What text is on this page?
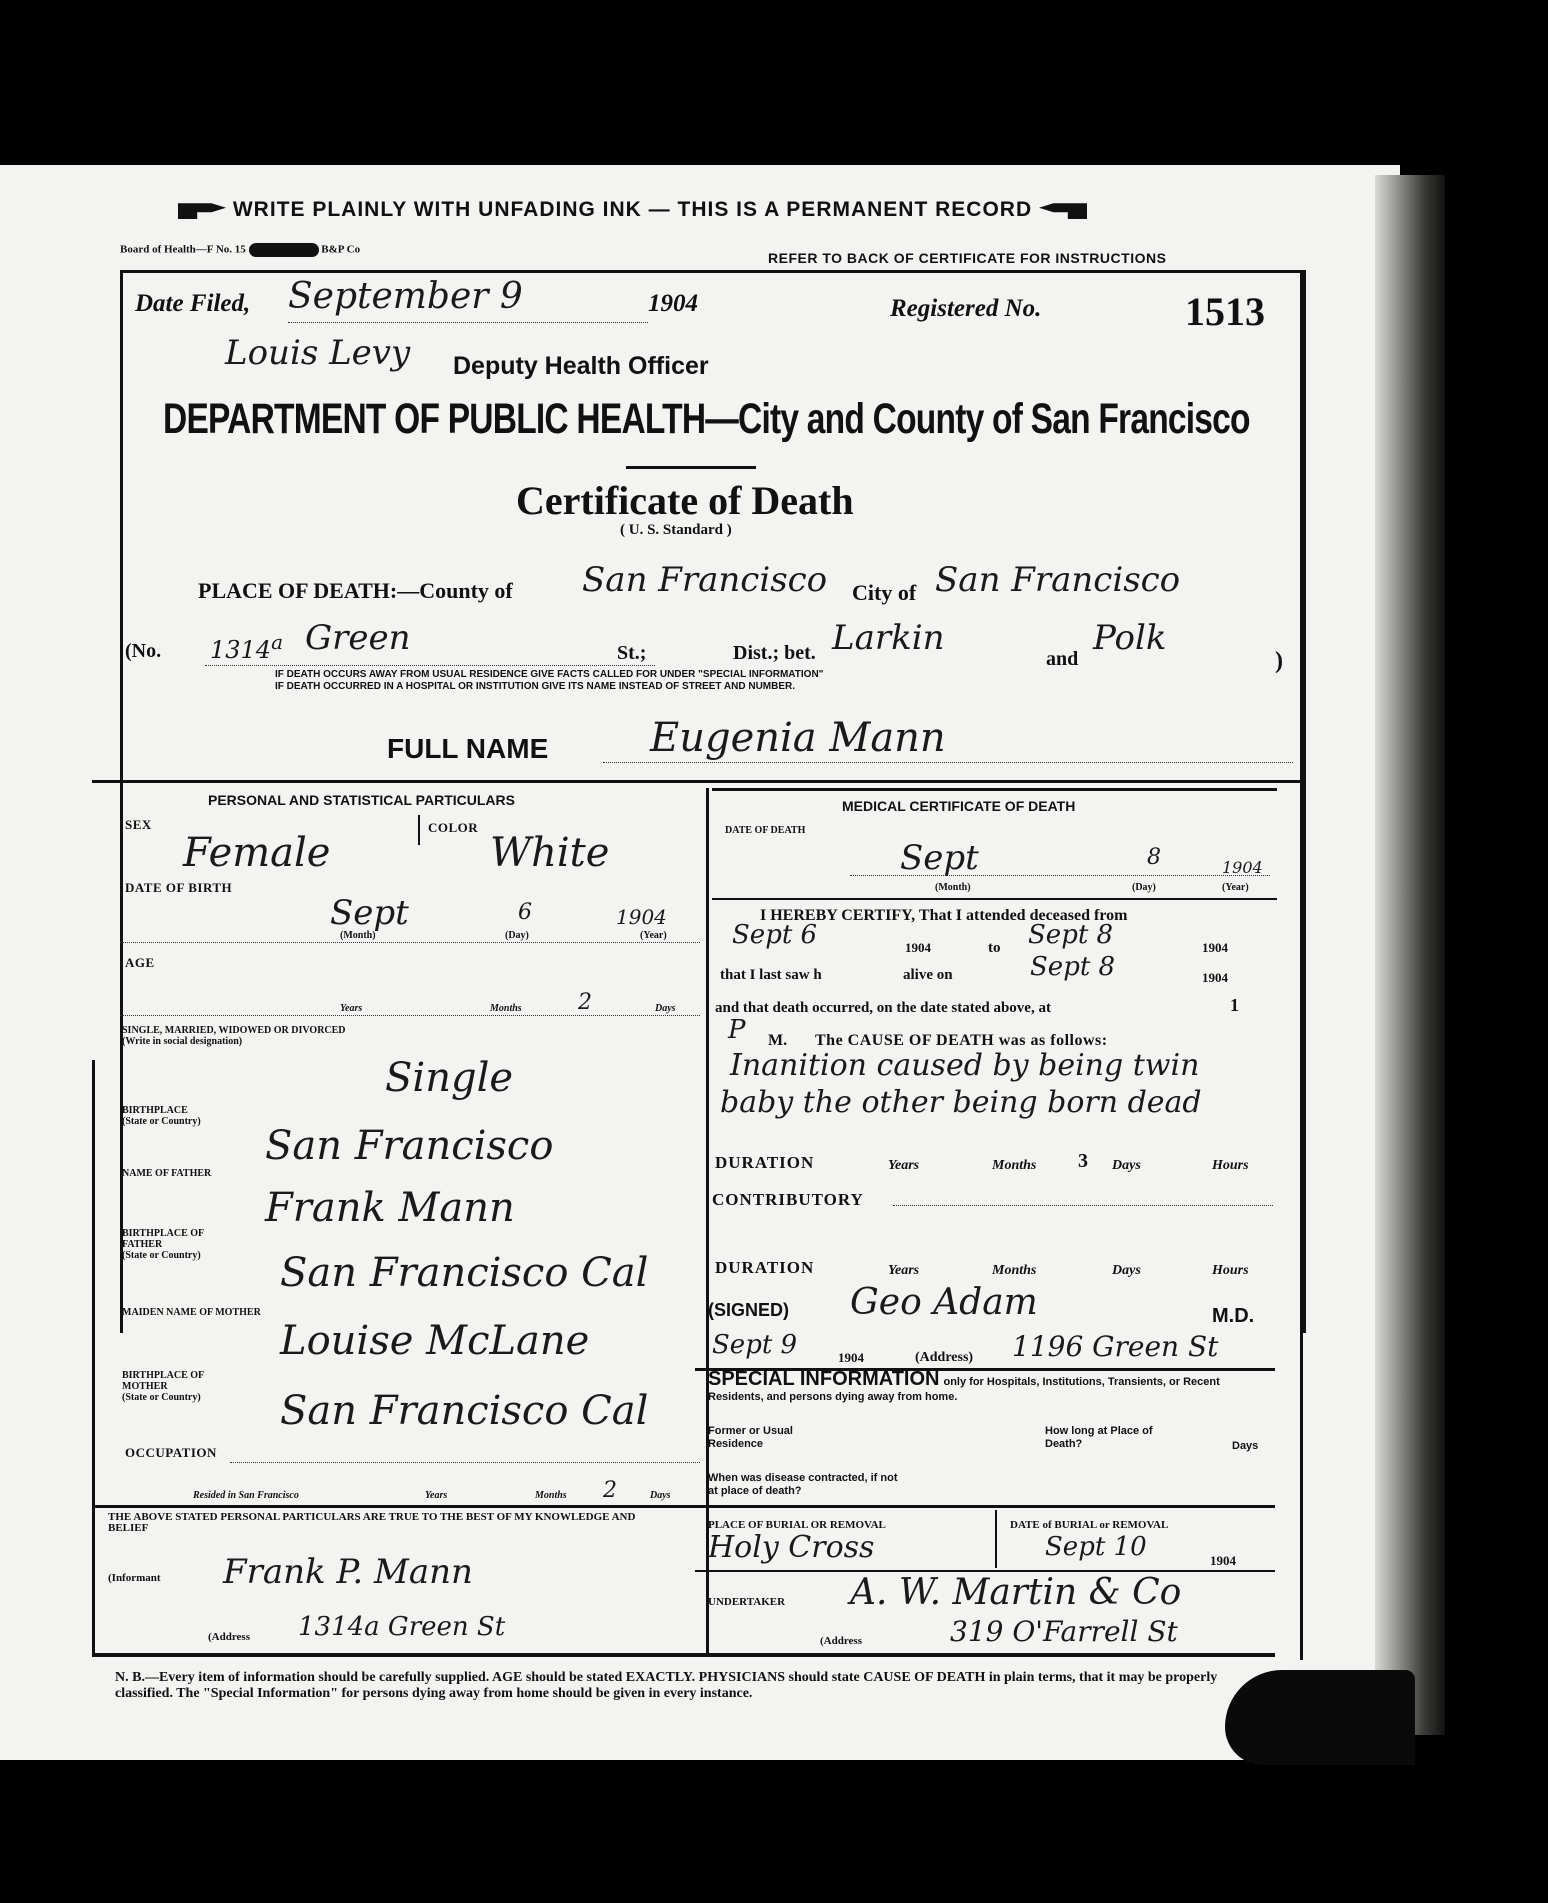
WRITE PLAINLY WITH UNFADING INK — THIS IS A PERMANENT RECORD
Board of Health—F No. 15	B&P Co
REFER TO BACK OF CERTIFICATE FOR INSTRUCTIONS
Date Filed, September 9	1904	Registered No.	1513
Louis Levy Deputy Health Officer
DEPARTMENT OF PUBLIC HEALTH—City and County of San Francisco
Certificate of Death
( U. S. Standard )
PLACE OF DEATH:—County of San Francisco City of San Francisco
(No. 1314$^a$ Green	St.;	Dist.; bet. Larkin
and
Polk
)
IF DEATH OCCURS AWAY FROM USUAL RESIDENCE GIVE FACTS CALLED FOR UNDER "SPECIAL INFORMATION"
IF DEATH OCCURRED IN A HOSPITAL OR INSTITUTION GIVE ITS NAME INSTEAD OF STREET AND NUMBER.
FULL NAME	Eugenia Mann
PERSONAL AND STATISTICAL PARTICULARS
SEX
Female
COLOR
White
DATE OF BIRTH
Sept	6	1904
(Month)	(Day)	(Year)
AGE
Years	Months	2	Days
SINGLE, MARRIED, WIDOWED OR DIVORCED
(Write in social designation)
Single
BIRTHPLACE
(State or Country)
San Francisco
NAME OF FATHER
Frank Mann
BIRTHPLACE OF FATHER
(State or Country)	San Francisco Cal
MAIDEN NAME OF MOTHER
Louise McLane
BIRTHPLACE OF MOTHER
(State or Country)	San Francisco Cal
OCCUPATION
Resided in San Francisco	Years	Months 2	Days
THE ABOVE STATED PERSONAL PARTICULARS ARE TRUE TO THE BEST OF MY KNOWLEDGE AND BELIEF
(Informant Frank P. Mann
(Address 1314a Green St
MEDICAL CERTIFICATE OF DEATH
DATE OF DEATH
Sept	8	1904
(Month)	(Day)	(Year)
I HEREBY CERTIFY, That I attended deceased from
Sept 6	1904	to Sept 8	1904
that I last saw h	alive on	Sept 8	1904
and that death occurred, on the date stated above, at	1
P M. The CAUSE OF DEATH was as follows:
Inanition caused by being twin
baby the other being born dead
DURATION	Years	Months 3 Days	Hours
CONTRIBUTORY
DURATION	Years	Months	Days	Hours
(SIGNED) Geo Adam	M.D.
Sept 9	1904	(Address) 1196 Green St
SPECIAL INFORMATION only for Hospitals, Institutions, Transients, or Recent Residents, and persons dying away from home.
Former or Usual Residence
How long at Place of Death?	Days
When was disease contracted, if not at place of death?
PLACE OF BURIAL OR REMOVAL
Holy Cross
DATE of BURIAL or REMOVAL
Sept 10	1904
UNDERTAKER A. W. Martin & Co
(Address	319 O'Farrell St
N. B.—Every item of information should be carefully supplied. AGE should be stated EXACTLY. PHYSICIANS should state CAUSE OF DEATH in plain terms, that it may be properly classified. The "Special Information" for persons dying away from home should be given in every instance.
